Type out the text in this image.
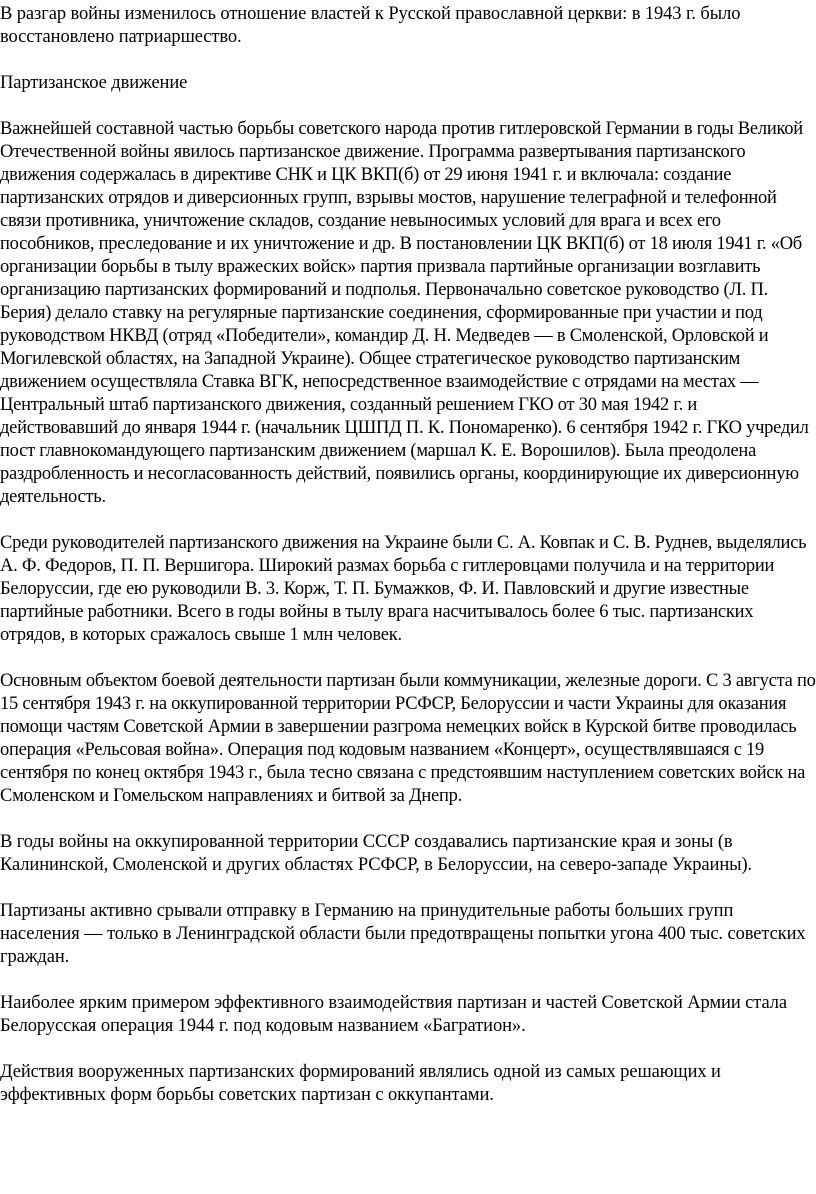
В разгар войны изменилось отношение властей к Русской православной церкви: в 1943 г. было восстановлено патриаршество.

Партизанское движение

Важнейшей составной частью борьбы советского народа против гитлеровской Германии в годы Великой Отечественной войны явилось партизанское движение. Программа развертывания партизанского движения содержалась в директиве СНК и ЦК ВКП(б) от 29 июня 1941 г. и включала: создание партизанских отрядов и диверсионных групп, взрывы мостов, нарушение телеграфной и телефонной связи противника, уничтожение складов, создание невыносимых условий для врага и всех его пособников, преследование и их уничтожение и др. В постановлении ЦК ВКП(б) от 18 июля 1941 г. «Об организации борьбы в тылу вражеских войск» партия призвала партийные организации возглавить организацию партизанских формирований и подполья. Первоначально советское руководство (Л. П. Берия) делало ставку на регулярные партизанские соединения, сформированные при участии и под руководством НКВД (отряд «Победители», командир Д. Н. Медведев — в Смоленской, Орловской и Могилевской областях, на Западной Украине). Общее стратегическое руководство партизанским движением осуществляла Ставка ВГК, непосредственное взаимодействие с отрядами на местах — Центральный штаб партизанского движения, созданный решением ГКО от 30 мая 1942 г. и действовавший до января 1944 г. (начальник ЦШПД П. К. Пономаренко). 6 сентября 1942 г. ГКО учредил пост главнокомандующего партизанским движением (маршал К. Е. Ворошилов). Была преодолена раздробленность и несогласованность действий, появились органы, координирующие их диверсионную деятельность.

Среди руководителей партизанского движения на Украине были С. А. Ковпак и С. В. Руднев, выделялись А. Ф. Федоров, П. П. Вершигора. Широкий размах борьба с гитлеровцами получила и на территории Белоруссии, где ею руководили В. 3. Корж, Т. П. Бумажков, Ф. И. Павловский и другие известные партийные работники. Всего в годы войны в тылу врага насчитывалось более 6 тыс. партизанских отрядов, в которых сражалось свыше 1 млн человек.

Основным объектом боевой деятельности партизан были коммуникации, железные дороги. С 3 августа по 15 сентября 1943 г. на оккупированной территории РСФСР, Белоруссии и части Украины для оказания помощи частям Советской Армии в завершении разгрома немецких войск в Курской битве проводилась операция «Рельсовая война». Операция под кодовым названием «Концерт», осуществлявшаяся с 19 сентября по конец октября 1943 г., была тесно связана с предстоявшим наступлением советских войск на Смоленском и Гомельском направлениях и битвой за Днепр.

В годы войны на оккупированной территории СССР создавались партизанские края и зоны (в Калининской, Смоленской и других областях РСФСР, в Белоруссии, на северо-западе Украины).

Партизаны активно срывали отправку в Германию на принудительные работы больших групп населения — только в Ленинградской области были предотвращены попытки угона 400 тыс. советских граждан.

Наиболее ярким примером эффективного взаимодействия партизан и частей Советской Армии стала Белорусская операция 1944 г. под кодовым названием «Багратион».

Действия вооруженных партизанских формирований являлись одной из самых решающих и эффективных форм борьбы советских партизан с оккупантами.
